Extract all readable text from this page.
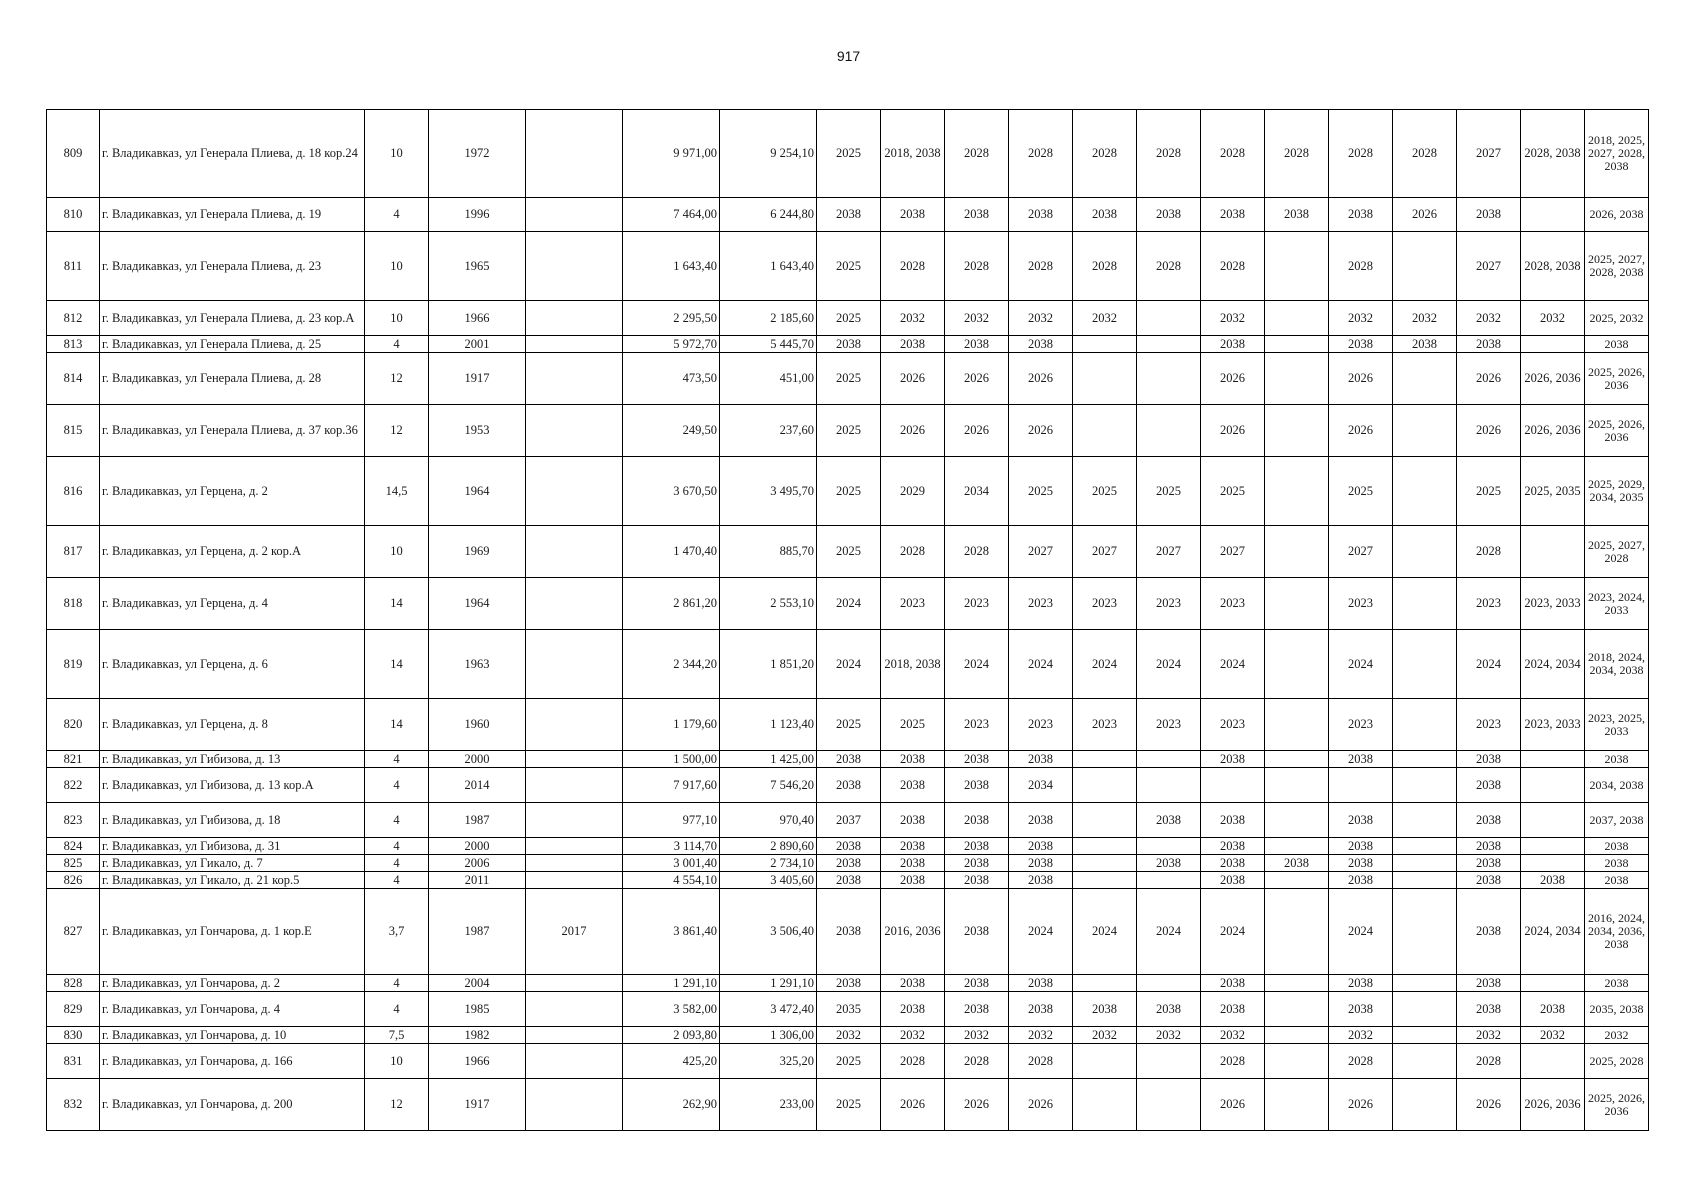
917
809	г. Владикавказ, ул Генерала Плиева, д. 18 кор.24	10	1972		9 971,00	9 254,10	2025	2018, 2038	2028	2028	2028	2028	2028	2028	2028	2028	2027	2028, 2038	2018, 2025, 2027, 2028, 2038
810	г. Владикавказ, ул Генерала Плиева, д. 19	4	1996		7 464,00	6 244,80	2038	2038	2038	2038	2038	2038	2038	2038	2038	2026	2038		2026, 2038
811	г. Владикавказ, ул Генерала Плиева, д. 23	10	1965		1 643,40	1 643,40	2025	2028	2028	2028	2028	2028	2028		2028		2027	2028, 2038	2025, 2027, 2028, 2038
812	г. Владикавказ, ул Генерала Плиева, д. 23 кор.А	10	1966		2 295,50	2 185,60	2025	2032	2032	2032	2032		2032		2032	2032	2032	2032	2025, 2032
813	г. Владикавказ, ул Генерала Плиева, д. 25	4	2001		5 972,70	5 445,70	2038	2038	2038	2038			2038		2038	2038	2038		2038
814	г. Владикавказ, ул Генерала Плиева, д. 28	12	1917		473,50	451,00	2025	2026	2026	2026			2026		2026		2026	2026, 2036	2025, 2026, 2036
815	г. Владикавказ, ул Генерала Плиева, д. 37 кор.36	12	1953		249,50	237,60	2025	2026	2026	2026			2026		2026		2026	2026, 2036	2025, 2026, 2036
816	г. Владикавказ, ул Герцена, д. 2	14,5	1964		3 670,50	3 495,70	2025	2029	2034	2025	2025	2025	2025		2025		2025	2025, 2035	2025, 2029, 2034, 2035
817	г. Владикавказ, ул Герцена, д. 2 кор.А	10	1969		1 470,40	885,70	2025	2028	2028	2027	2027	2027	2027		2027		2028		2025, 2027, 2028
818	г. Владикавказ, ул Герцена, д. 4	14	1964		2 861,20	2 553,10	2024	2023	2023	2023	2023	2023	2023		2023		2023	2023, 2033	2023, 2024, 2033
819	г. Владикавказ, ул Герцена, д. 6	14	1963		2 344,20	1 851,20	2024	2018, 2038	2024	2024	2024	2024	2024		2024		2024	2024, 2034	2018, 2024, 2034, 2038
820	г. Владикавказ, ул Герцена, д. 8	14	1960		1 179,60	1 123,40	2025	2025	2023	2023	2023	2023	2023		2023		2023	2023, 2033	2023, 2025, 2033
821	г. Владикавказ, ул Гибизова, д. 13	4	2000		1 500,00	1 425,00	2038	2038	2038	2038			2038		2038		2038		2038
822	г. Владикавказ, ул Гибизова, д. 13 кор.А	4	2014		7 917,60	7 546,20	2038	2038	2038	2034							2038		2034, 2038
823	г. Владикавказ, ул Гибизова, д. 18	4	1987		977,10	970,40	2037	2038	2038	2038		2038	2038		2038		2038		2037, 2038
824	г. Владикавказ, ул Гибизова, д. 31	4	2000		3 114,70	2 890,60	2038	2038	2038	2038			2038		2038		2038		2038
825	г. Владикавказ, ул Гикало, д. 7	4	2006		3 001,40	2 734,10	2038	2038	2038	2038		2038	2038	2038	2038		2038		2038
826	г. Владикавказ, ул Гикало, д. 21 кор.5	4	2011		4 554,10	3 405,60	2038	2038	2038	2038			2038		2038		2038	2038	2038
827	г. Владикавказ, ул Гончарова, д. 1 кор.Е	3,7	1987	2017	3 861,40	3 506,40	2038	2016, 2036	2038	2024	2024	2024	2024		2024		2038	2024, 2034	2016, 2024, 2034, 2036, 2038
828	г. Владикавказ, ул Гончарова, д. 2	4	2004		1 291,10	1 291,10	2038	2038	2038	2038			2038		2038		2038		2038
829	г. Владикавказ, ул Гончарова, д. 4	4	1985		3 582,00	3 472,40	2035	2038	2038	2038	2038	2038	2038		2038		2038	2038	2035, 2038
830	г. Владикавказ, ул Гончарова, д. 10	7,5	1982		2 093,80	1 306,00	2032	2032	2032	2032	2032	2032	2032		2032		2032	2032	2032
831	г. Владикавказ, ул Гончарова, д. 166	10	1966		425,20	325,20	2025	2028	2028	2028			2028		2028		2028		2025, 2028
832	г. Владикавказ, ул Гончарова, д. 200	12	1917		262,90	233,00	2025	2026	2026	2026			2026		2026		2026	2026, 2036	2025, 2026, 2036
